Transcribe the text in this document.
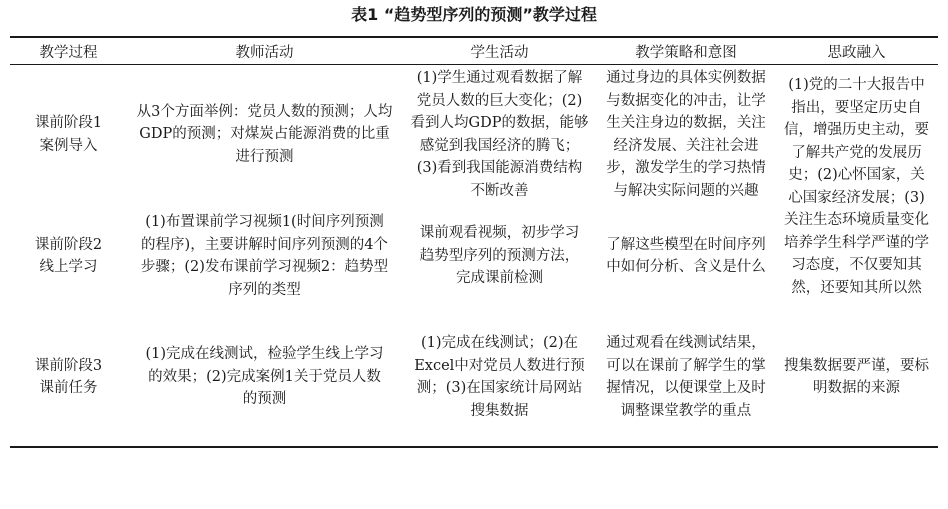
表1 “趋势型序列的预测”教学过程
教学过程	教师活动	学生活动	教学策略和意图	思政融入
课前阶段1
案例导入	从3个方面举例：党员人数的预测；人均GDP的预测；对煤炭占能源消费的比重进行预测	(1)学生通过观看数据了解党员人数的巨大变化；(2)看到人均GDP的数据，能够感觉到我国经济的腾飞；(3)看到我国能源消费结构不断改善	通过身边的具体实例数据与数据变化的冲击，让学生关注身边的数据，关注经济发展、关注社会进步，激发学生的学习热情与解决实际问题的兴趣	(1)党的二十大报告中指出，要坚定历史自信，增强历史主动，要了解共产党的发展历史；(2)心怀国家，关心国家经济发展；(3)关注生态环境质量变化培养学生科学严谨的学习态度，不仅要知其然，还要知其所以然
课前阶段2
线上学习	(1)布置课前学习视频1(时间序列预测的程序)，主要讲解时间序列预测的4个步骤；(2)发布课前学习视频2：趋势型序列的类型	课前观看视频，初步学习趋势型序列的预测方法，完成课前检测	了解这些模型在时间序列中如何分析、含义是什么	
课前阶段3
课前任务	(1)完成在线测试，检验学生线上学习的效果；(2)完成案例1关于党员人数的预测	(1)完成在线测试；(2)在Excel中对党员人数进行预测；(3)在国家统计局网站搜集数据	通过观看在线测试结果，可以在课前了解学生的掌握情况，以便课堂上及时调整课堂教学的重点	搜集数据要严谨，要标明数据的来源
